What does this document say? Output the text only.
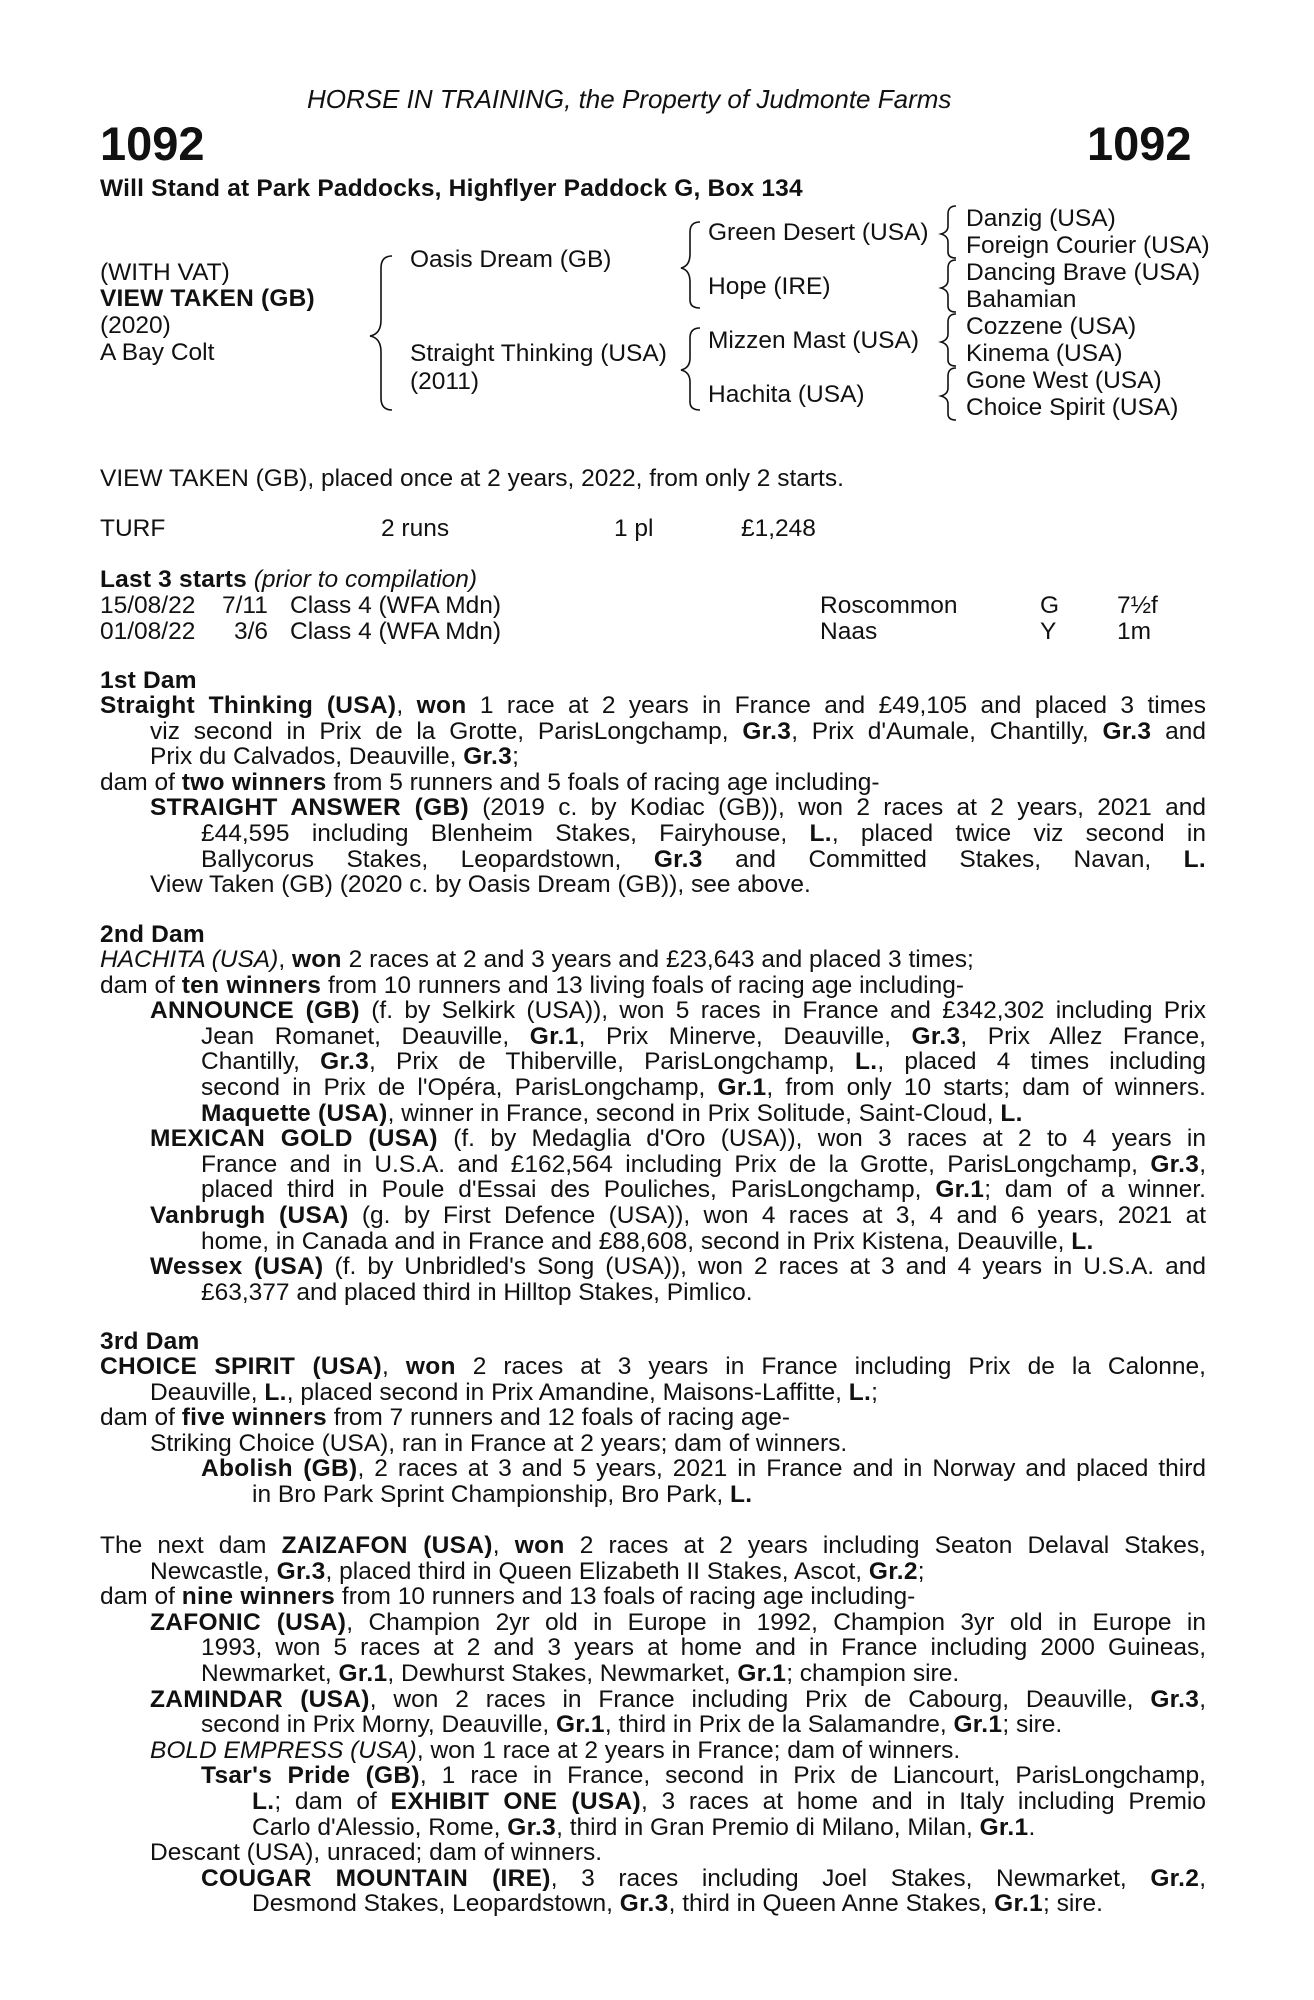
HORSE IN TRAINING, the Property of Judmonte Farms
1092	1092
Will Stand at Park Paddocks, Highflyer Paddock G, Box 134
(WITH VAT)
VIEW TAKEN (GB)
(2020)
A Bay Colt
Oasis Dream (GB)
Straight Thinking (USA)
(2011)
Green Desert (USA)
Hope (IRE)
Mizzen Mast (USA)
Hachita (USA)
Danzig (USA)
Foreign Courier (USA)
Dancing Brave (USA)
Bahamian
Cozzene (USA)
Kinema (USA)
Gone West (USA)
Choice Spirit (USA)
VIEW TAKEN (GB), placed once at 2 years, 2022, from only 2 starts.
TURF	2 runs	1 pl	£1,248
Last 3 starts (prior to compilation)
15/08/22 7/11 Class 4 (WFA Mdn)	Roscommon	G 7½f
01/08/22 3/6 Class 4 (WFA Mdn)	Naas	Y 1m
1st Dam
Straight Thinking (USA), won 1 race at 2 years in France and £49,105 and placed 3 times
viz second in Prix de la Grotte, ParisLongchamp, Gr.3, Prix d'Aumale, Chantilly, Gr.3 and
Prix du Calvados, Deauville, Gr.3;
dam of two winners from 5 runners and 5 foals of racing age including-
STRAIGHT ANSWER (GB) (2019 c. by Kodiac (GB)), won 2 races at 2 years, 2021 and
£44,595 including Blenheim Stakes, Fairyhouse, L., placed twice viz second in
Ballycorus Stakes, Leopardstown, Gr.3 and Committed Stakes, Navan, L.
View Taken (GB) (2020 c. by Oasis Dream (GB)), see above.
2nd Dam
HACHITA (USA), won 2 races at 2 and 3 years and £23,643 and placed 3 times;
dam of ten winners from 10 runners and 13 living foals of racing age including-
ANNOUNCE (GB) (f. by Selkirk (USA)), won 5 races in France and £342,302 including Prix
Jean Romanet, Deauville, Gr.1, Prix Minerve, Deauville, Gr.3, Prix Allez France,
Chantilly, Gr.3, Prix de Thiberville, ParisLongchamp, L., placed 4 times including
second in Prix de l'Opéra, ParisLongchamp, Gr.1, from only 10 starts; dam of winners.
Maquette (USA), winner in France, second in Prix Solitude, Saint-Cloud, L.
MEXICAN GOLD (USA) (f. by Medaglia d'Oro (USA)), won 3 races at 2 to 4 years in
France and in U.S.A. and £162,564 including Prix de la Grotte, ParisLongchamp, Gr.3,
placed third in Poule d'Essai des Pouliches, ParisLongchamp, Gr.1; dam of a winner.
Vanbrugh (USA) (g. by First Defence (USA)), won 4 races at 3, 4 and 6 years, 2021 at
home, in Canada and in France and £88,608, second in Prix Kistena, Deauville, L.
Wessex (USA) (f. by Unbridled's Song (USA)), won 2 races at 3 and 4 years in U.S.A. and
£63,377 and placed third in Hilltop Stakes, Pimlico.
3rd Dam
CHOICE SPIRIT (USA), won 2 races at 3 years in France including Prix de la Calonne,
Deauville, L., placed second in Prix Amandine, Maisons-Laffitte, L.;
dam of five winners from 7 runners and 12 foals of racing age-
Striking Choice (USA), ran in France at 2 years; dam of winners.
Abolish (GB), 2 races at 3 and 5 years, 2021 in France and in Norway and placed third
in Bro Park Sprint Championship, Bro Park, L.
The next dam ZAIZAFON (USA), won 2 races at 2 years including Seaton Delaval Stakes,
Newcastle, Gr.3, placed third in Queen Elizabeth II Stakes, Ascot, Gr.2;
dam of nine winners from 10 runners and 13 foals of racing age including-
ZAFONIC (USA), Champion 2yr old in Europe in 1992, Champion 3yr old in Europe in
1993, won 5 races at 2 and 3 years at home and in France including 2000 Guineas,
Newmarket, Gr.1, Dewhurst Stakes, Newmarket, Gr.1; champion sire.
ZAMINDAR (USA), won 2 races in France including Prix de Cabourg, Deauville, Gr.3,
second in Prix Morny, Deauville, Gr.1, third in Prix de la Salamandre, Gr.1; sire.
BOLD EMPRESS (USA), won 1 race at 2 years in France; dam of winners.
Tsar's Pride (GB), 1 race in France, second in Prix de Liancourt, ParisLongchamp,
L.; dam of EXHIBIT ONE (USA), 3 races at home and in Italy including Premio
Carlo d'Alessio, Rome, Gr.3, third in Gran Premio di Milano, Milan, Gr.1.
Descant (USA), unraced; dam of winners.
COUGAR MOUNTAIN (IRE), 3 races including Joel Stakes, Newmarket, Gr.2,
Desmond Stakes, Leopardstown, Gr.3, third in Queen Anne Stakes, Gr.1; sire.
